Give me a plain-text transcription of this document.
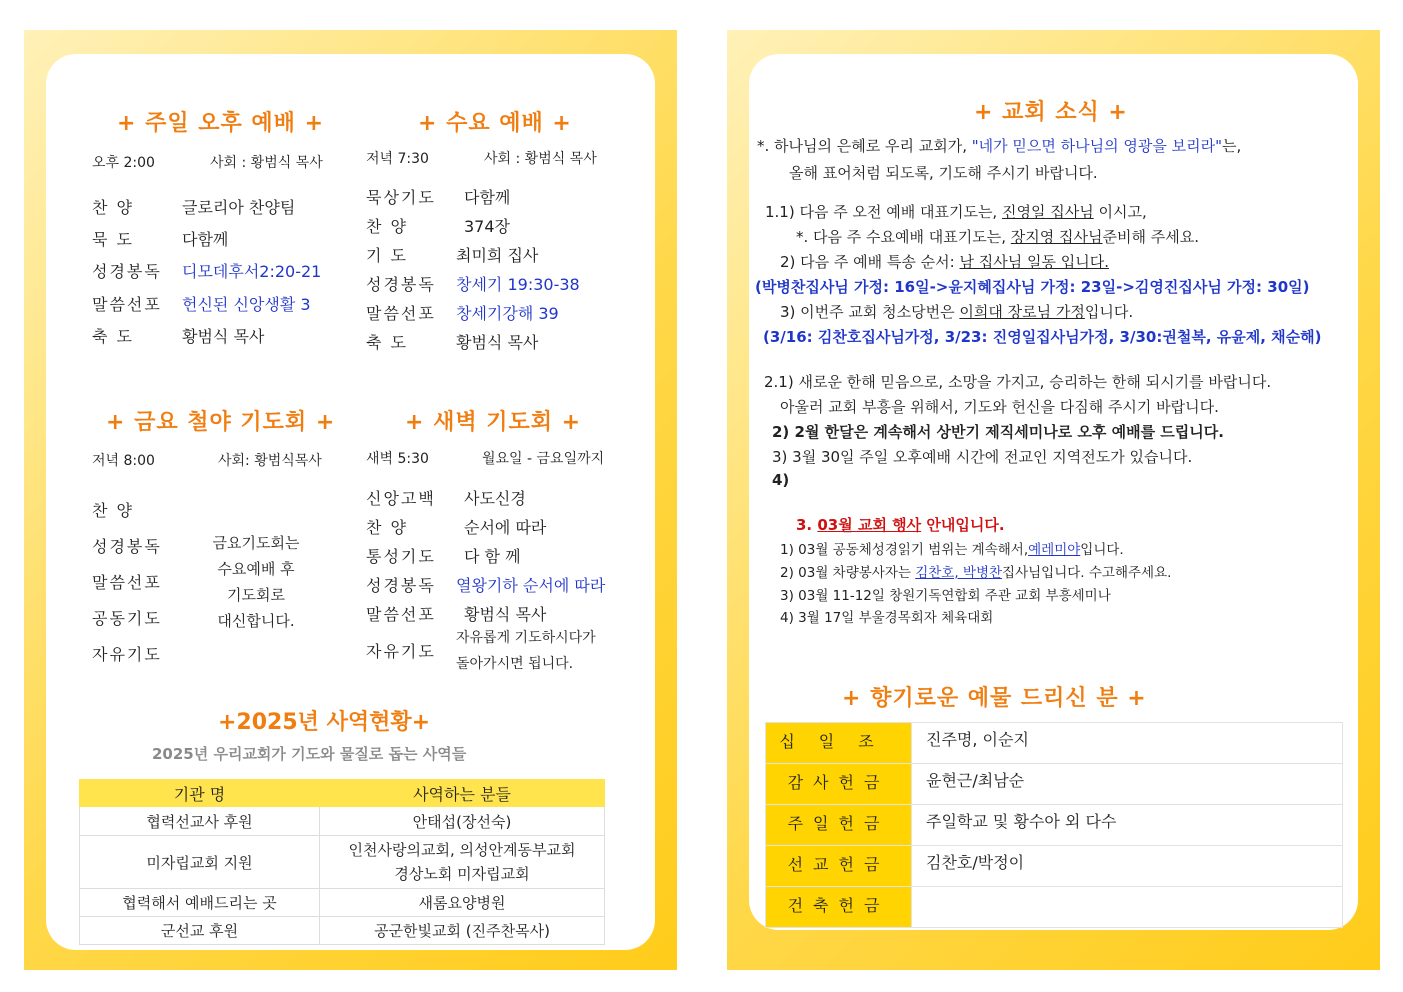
+ 주일 오후 예배 +
오후 2:00	사회 : 황범식 목사
찬 양	글로리아 찬양팀
묵 도	다함께
성경봉독 디모데후서2:20-21
말씀선포 헌신된 신앙생활 3
축 도	황범식 목사
+ 수요 예배 +
저녁 7:30	사회 : 황범식 목사
묵상기도 다함께
찬 양	374장
기 도	최미희 집사
성경봉독 창세기 19:30-38
말씀선포 창세기강해 39
축 도	황범식 목사
+ 금요 철야 기도회 +
저녁 8:00	사회: 황범식목사
찬 양
성경봉독
말씀선포
공동기도
자유기도
금요기도회는
수요예배 후
기도회로
대신합니다.
+ 새벽 기도회 +
새벽 5:30	월요일 - 금요일까지
신앙고백 사도신경
찬 양	순서에 따라
통성기도 다 함 께
성경봉독 열왕기하 순서에 따라
말씀선포 황범식 목사
자유기도
자유롭게 기도하시다가
돌아가시면 됩니다.
+2025년 사역현황+
2025년 우리교회가 기도와 물질로 돕는 사역들
기관 명	사역하는 분들
협력선교사 후원	안태섭(장선숙)
미자립교회 지원	인천사랑의교회, 의성안계동부교회
경상노회 미자립교회

협력해서 예배드리는 곳	새롬요양병원
군선교 후원	공군한빛교회 (진주찬목사)
+ 교회 소식 +
*. 하나님의 은혜로 우리 교회가, "네가 믿으면 하나님의 영광을 보리라"는,
올해 표어처럼 되도록, 기도해 주시기 바랍니다.
1.1) 다음 주 오전 예배 대표기도는, 진영일 집사님 이시고,
*. 다음 주 수요예배 대표기도는, 장지영 집사님준비해 주세요.
2) 다음 주 예배 특송 순서: 남 집사님 일동 입니다.
(박병찬집사님 가정: 16일->윤지혜집사님 가정: 23일->김영진집사님 가정: 30일)
3) 이번주 교회 청소당번은 이희대 장로님 가정입니다.
(3/16: 김찬호집사님가정, 3/23: 진영일집사님가정, 3/30:권철복, 유윤제, 채순해)
2.1) 새로운 한해 믿음으로, 소망을 가지고, 승리하는 한해 되시기를 바랍니다.
아울러 교회 부흥을 위해서, 기도와 헌신을 다짐해 주시기 바랍니다.
2) 2월 한달은 계속해서 상반기 제직세미나로 오후 예배를 드립니다.
3) 3월 30일 주일 오후예배 시간에 전교인 지역전도가 있습니다.
4)
3. 03월 교회 행사 안내입니다.
1) 03월 공동체성경읽기 범위는 계속해서,예레미야입니다.
2) 03월 차량봉사자는 김찬호, 박병찬집사님입니다. 수고해주세요.
3) 03월 11-12일 창원기독연합회 주관 교회 부흥세미나
4) 3월 17일 부울경목회자 체육대회
+ 향기로운 예물 드리신 분 +
십일조	진주명, 이순지
감사헌금	윤현근/최남순
주일헌금	주일학교 및 황수아 외 다수
선교헌금	김찬호/박정이
건축헌금	
